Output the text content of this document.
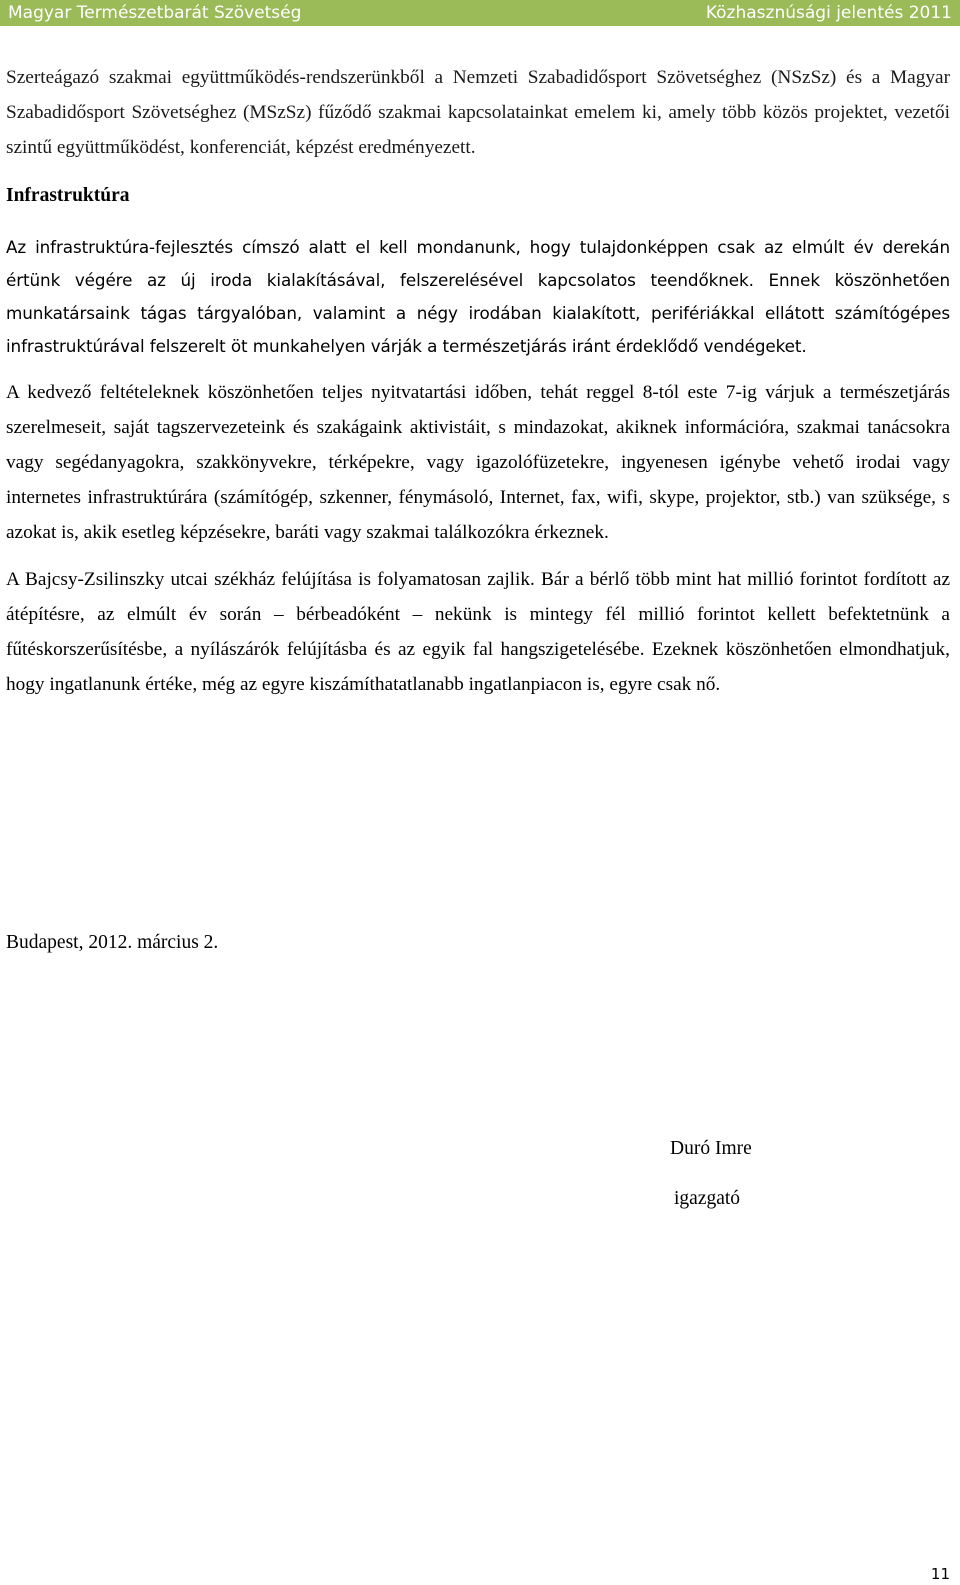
Magyar Természetbarát Szövetség	Közhasznúsági jelentés 2011

Szerteágazó szakmai együttműködés-rendszerünkből a Nemzeti Szabadidősport Szövetséghez (NSzSz) és a Magyar Szabadidősport Szövetséghez (MSzSz) fűződő szakmai kapcsolatainkat emelem ki, amely több közös projektet, vezetői szintű együttműködést, konferenciát, képzést eredményezett.

Infrastruktúra

Az infrastruktúra-fejlesztés címszó alatt el kell mondanunk, hogy tulajdonképpen csak az elmúlt év derekán értünk végére az új iroda kialakításával, felszerelésével kapcsolatos teendőknek. Ennek köszönhetően munkatársaink tágas tárgyalóban, valamint a négy irodában kialakított, perifériákkal ellátott számítógépes infrastruktúrával felszerelt öt munkahelyen várják a természetjárás iránt érdeklődő vendégeket.

A kedvező feltételeknek köszönhetően teljes nyitvatartási időben, tehát reggel 8-tól este 7-ig várjuk a természetjárás szerelmeseit, saját tagszervezeteink és szakágaink aktivistáit, s mindazokat, akiknek információra, szakmai tanácsokra vagy segédanyagokra, szakkönyvekre, térképekre, vagy igazolófüzetekre, ingyenesen igénybe vehető irodai vagy internetes infrastruktúrára (számítógép, szkenner, fénymásoló, Internet, fax, wifi, skype, projektor, stb.) van szüksége, s azokat is, akik esetleg képzésekre, baráti vagy szakmai találkozókra érkeznek.

A Bajcsy-Zsilinszky utcai székház felújítása is folyamatosan zajlik. Bár a bérlő több mint hat millió forintot fordított az átépítésre, az elmúlt év során – bérbeadóként – nekünk is mintegy fél millió forintot kellett befektetnünk a fűtéskorszerűsítésbe, a nyílászárók felújításba és az egyik fal hangszigetelésébe. Ezeknek köszönhetően elmondhatjuk, hogy ingatlanunk értéke, még az egyre kiszámíthatatlanabb ingatlanpiacon is, egyre csak nő.

Budapest, 2012. március 2.

Duró Imre
igazgató
11
